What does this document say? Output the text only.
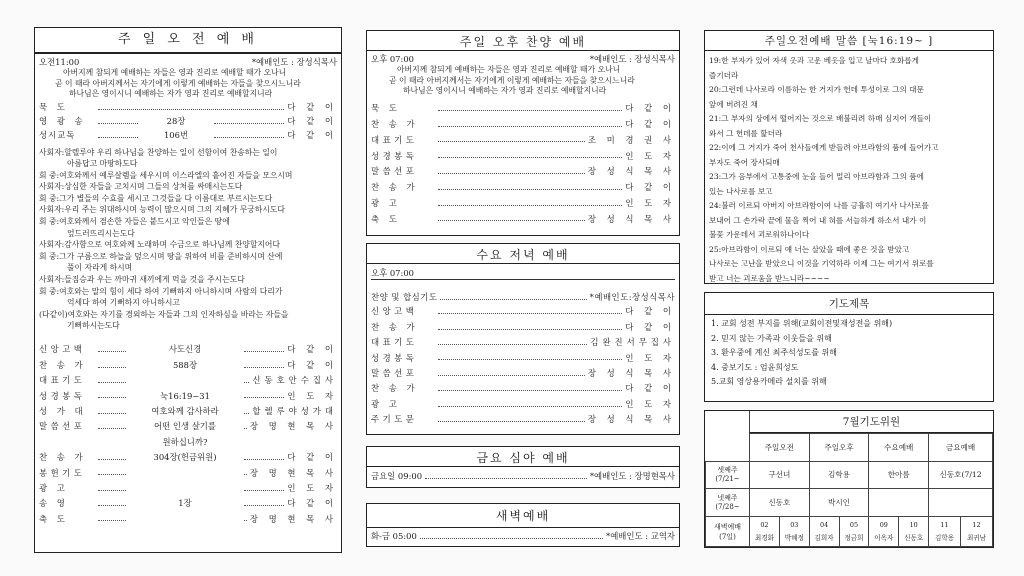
주 일 오 전 예 배
오전11:00	*예배인도 : 장성식목사
아버지께 참되게 예배하는 자들은 영과 진리로 예배할 때가 오나니
곧 이 때라 아버지께서는 자기에게 이렇게 예배하는 자들을 찾으시느니라
하나님은 영이시니 예배하는 자가 영과 진리로 예배할지니라
묵 도	다 같 이
영 광 송	28장	다 같 이
성시교독	106번	다 같 이
사회자:할렐루야 우리 하나님을 찬양하는 일이 선함이여 찬송하는 일이
아름답고 마땅하도다
회 중:여호와께서 예루살렘을 세우시며 이스라엘의 흩어진 자들을 모으시며
사회자:상심한 자들을 고치시며 그들의 상처를 싸매시는도다
회 중:그가 별들의 수효를 세시고 그것들을 다 이름대로 부르시는도다
사회자:우리 주는 위대하시며 능력이 많으시며 그의 지혜가 무궁하시도다
회 중:여호와께서 겸손한 자들은 붙드시고 악인들은 땅에
엎드러뜨리시는도다
사회자:감사함으로 여호와께 노래하며 수금으로 하나님께 찬양할지어다
회 중:그가 구름으로 하늘을 덮으시며 땅을 위하여 비를 준비하시며 산에
풀이 자라게 하시며
사회자:들짐승과 우는 까마귀 새끼에게 먹을 것을 주시는도다
회 중:여호와는 말의 힘이 세다 하여 기뻐하지 아니하시며 사람의 다리가
억세다 하여 기뻐하지 아니하시고
(다같이)여호와는 자기를 경외하는 자들과 그의 인자하심을 바라는 자들을
기뻐하시는도다
신앙고백	사도신경	다 같 이
찬 송 가	588장	다 같 이
대표기도	신동호안수집사
성경봉독	눅16:19~31	인 도 자
성 가 대	여호와께 감사하라	할렐루야성가대
말씀선포	어떤 인생 살기를	장 명 현 목 사
원하십니까?
찬 송 가	304장(헌금위원)	다 같 이
봉헌기도	장 명 현 목 사
광 고	인 도 자
송 영	1장	다 같 이
축 도	장 명 현 목 사
주일 오후 찬양 예배
오후 07:00	*예배인도 : 장성식목사
아버지께 참되게 예배하는 자들은 영과 진리로 예배할 때가 오나니
곧 이 때라 아버지께서는 자기에게 이렇게 예배하는 자들을 찾으시느니라
하나님은 영이시니 예배하는 자가 영과 진리로 예배할지니라
묵 도	다 같 이
찬 송 가	다 같 이
대표기도	조 미 경 권 사
성경봉독	인 도 자
말씀선포	장 성 식 목 사
찬 송 가	다 같 이
광 고	인 도 자
축 도	장 성 식 목 사
수요 저녁 예배
오후 07:00
찬양 및 합심기도	*예배인도:장성식목사
신앙고백	다 같 이
찬 송 가	다 같 이
대표기도	김완진서무집사
성경봉독	인 도 자
말씀선포	장 성 식 목 사
찬 송 가	다 같 이
광 고	인 도 자
주기도문	장 성 식 목 사
금요 심야 예배
금요일 09:00	*예배인도 : 장명현목사
새벽예배
화-금 05:00	*예배인도 : 교역자
주일오전예배 말씀 [눅16:19~ ]
19:한 부자가 있어 자색 옷과 고운 베옷을 입고 날마다 호화롭게
즐기더라
20:그런데 나사로라 이름하는 한 거지가 헌데 투성이로 그의 대문
앞에 버려진 채
21:그 부자의 상에서 떨어지는 것으로 배불리려 하매 심지어 개들이
와서 그 헌데를 핥더라
22:이에 그 거지가 죽어 천사들에게 받들려 아브라함의 품에 들어가고
부자도 죽어 장사되매
23:그가 음부에서 고통중에 눈을 들어 멀리 아브라함과 그의 품에
있는 나사로를 보고
24:불러 이르되 아버지 아브라함이여 나를 긍휼히 여기사 나사로를
보내어 그 손가락 끝에 물을 찍어 내 혀를 서늘하게 하소서 내가 이
불꽃 가운데서 괴로워하나이다
25:아브라함이 이르되 얘 너는 살았을 때에 좋은 것을 받았고
나사로는 고난을 받았으니 이것을 기억하라 이제 그는 여기서 위로를
받고 너는 괴로움을 받느니라~~~~
기도제목
1. 교회 성전 부지를 위해(교회이전및재성전을 위해)
2. 믿지 않는 가족과 이웃들을 위해
3. 환우중에 계신 최주석성도를 위해
4. 중보기도 : 엄윤희성도
5.교회 영상용카메라 설치를 위해
7월기도위원
	주일오전		주일오후		수요예배		금요예배	
셋째주
(7/21~	구선녀		김학용		한아름		신동호(7/12	
넷째주
(7/28~	신동호		박시인					
새벽예배
(7일)	02	03	04	05	09	10	11	12
	최경화	박혜정	김희자	정금희	이옥자	신동호	김학용	최귀남
